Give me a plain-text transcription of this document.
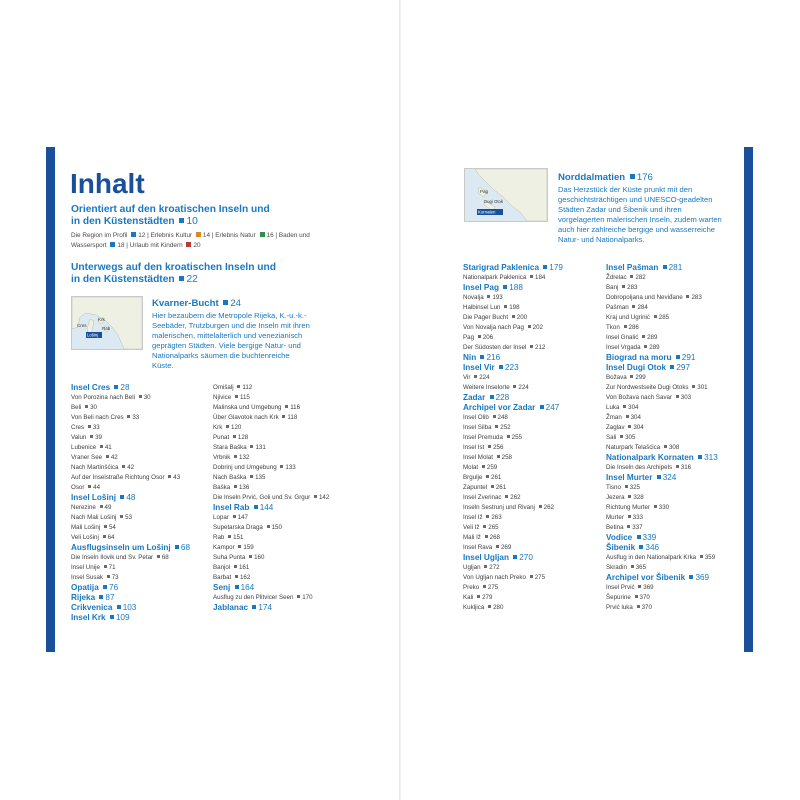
Inhalt
Orientiert auf den kroatischen Inseln und in den Küstenstädten 10
Die Region im Profil 12 | Erlebnis Kultur 14 | Erlebnis Natur 16 | Baden und
Wassersport 18 | Urlaub mit Kindern 20
Unterwegs auf den kroatischen Inseln und in den Küstenstädten 22
Krk
Cres
Rab
Lošinj
Kvarner-Bucht 24
Hier bezaubern die Metropole Rijeka, K.-u.-k.-Seebäder, Trutzburgen und die Inseln mit ihren malerischen, mittelalterlich und venezianisch geprägten Städten. Viele bergige Natur- und Nationalparks säumen die buchtenreiche Küste.
Insel Cres 28
Von Porozina nach Beli 30
Beli 30
Von Beli nach Cres 33
Cres 33
Valun 39
Lubenice 41
Vraner See 42
Nach Martinšćica 42
Auf der Inselstraße Richtung Osor 43
Osor 44
Insel Lošinj 48
Nerezine 49
Nach Mali Lošinj 53
Mali Lošinj 54
Veli Lošinj 64
Ausflugsinseln um Lošinj 68
Die Inseln Ilovik und Sv. Petar 68
Insel Unije 71
Insel Susak 73
Opatija 76
Rijeka 87
Crikvenica 103
Insel Krk 109
Omišalj 112
Njivice 115
Malinska und Umgebung 116
Über Glavotok nach Krk 118
Krk 120
Punat 128
Stara Baška 131
Vrbnik 132
Dobrinj und Umgebung 133
Nach Baška 135
Baška 136
Die Inseln Prvić, Goli und Sv. Grgur 142
Insel Rab 144
Lopar 147
Supetarska Draga 150
Rab 151
Kampor 159
Suha Punta 160
Banjol 161
Barbat 162
Senj 164
Ausflug zu den Plitvicer Seen 170
Jablanac 174
Pag
Dugi Otok
Kornaten
Norddalmatien 176
Das Herzstück der Küste prunkt mit den geschichtsträchtigen und UNESCO-geadelten Städten Zadar und Šibenik und ihren vorgelagerten malerischen Inseln, zudem warten auch hier zahlreiche bergige und wasserreiche Natur- und Nationalparks.
Starigrad Paklenica 179
Nationalpark Paklenica 184
Insel Pag 188
Novalja 193
Halbinsel Lun 198
Die Pager Bucht 200
Von Novalja nach Pag 202
Pag 206
Der Südosten der Insel 212
Nin 216
Insel Vir 223
Vir 224
Weitere Inselorte 224
Zadar 228
Archipel vor Zadar 247
Insel Olib 248
Insel Silba 252
Insel Premuda 255
Insel Ist 256
Insel Molat 258
Molat 259
Brgulje 261
Zapuntel 261
Insel Zverinac 262
Inseln Sestrunj und Rivanj 262
Insel Iž 263
Veli Iž 265
Mali Iž 268
Insel Rava 269
Insel Ugljan 270
Ugljan 272
Von Ugljan nach Preko 275
Preko 275
Kali 279
Kukljica 280
Insel Pašman 281
Ždrelac 282
Banj 283
Dobropoljana und Neviđane 283
Pašman 284
Kraj und Ugrinić 285
Tkon 286
Insel Gnalić 289
Insel Vrgada 289
Biograd na moru 291
Insel Dugi Otok 297
Božava 299
Zur Nordwestseite Dugi Otoks 301
Von Božava nach Savar 303
Luka 304
Žman 304
Zaglav 304
Sali 305
Naturpark Telašćica 308
Nationalpark Kornaten 313
Die Inseln des Archipels 316
Insel Murter 324
Tisno 325
Jezera 328
Richtung Murter 330
Murter 333
Betina 337
Vodice 339
Šibenik 346
Ausflug in den Nationalpark Krka 359
Skradin 365
Archipel vor Šibenik 369
Insel Prvić 369
Šepurine 370
Prvić luka 370
